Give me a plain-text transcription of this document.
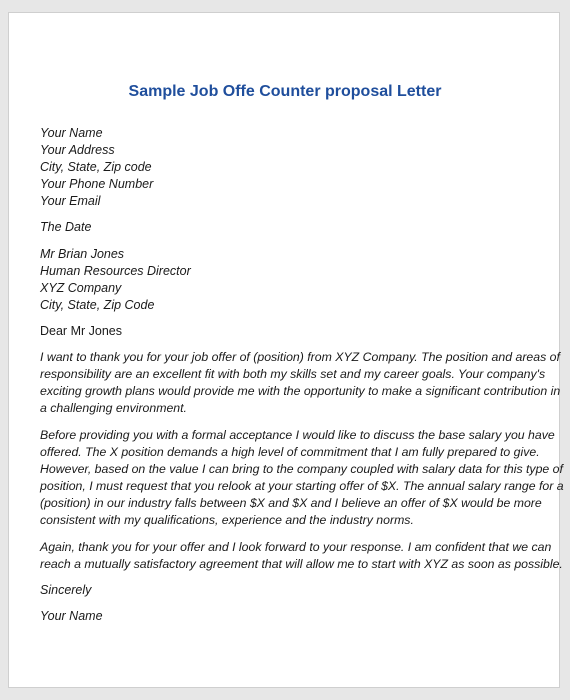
Sample Job Offe Counter proposal Letter
Your Name
Your Address
City, State, Zip code
Your Phone Number
Your Email
The Date
Mr Brian Jones
Human Resources Director
XYZ Company
City, State, Zip Code
Dear Mr Jones
I want to thank you for your job offer of (position) from XYZ Company. The position and areas of
responsibility are an excellent fit with both my skills set and my career goals. Your company's
exciting growth plans would provide me with the opportunity to make a significant contribution in
a challenging environment.
Before providing you with a formal acceptance I would like to discuss the base salary you have
offered. The X position demands a high level of commitment that I am fully prepared to give.
However, based on the value I can bring to the company coupled with salary data for this type of
position, I must request that you relook at your starting offer of $X. The annual salary range for a
(position) in our industry falls between $X and $X and I believe an offer of $X would be more
consistent with my qualifications, experience and the industry norms.
Again, thank you for your offer and I look forward to your response. I am confident that we can
reach a mutually satisfactory agreement that will allow me to start with XYZ as soon as possible.
Sincerely
Your Name
